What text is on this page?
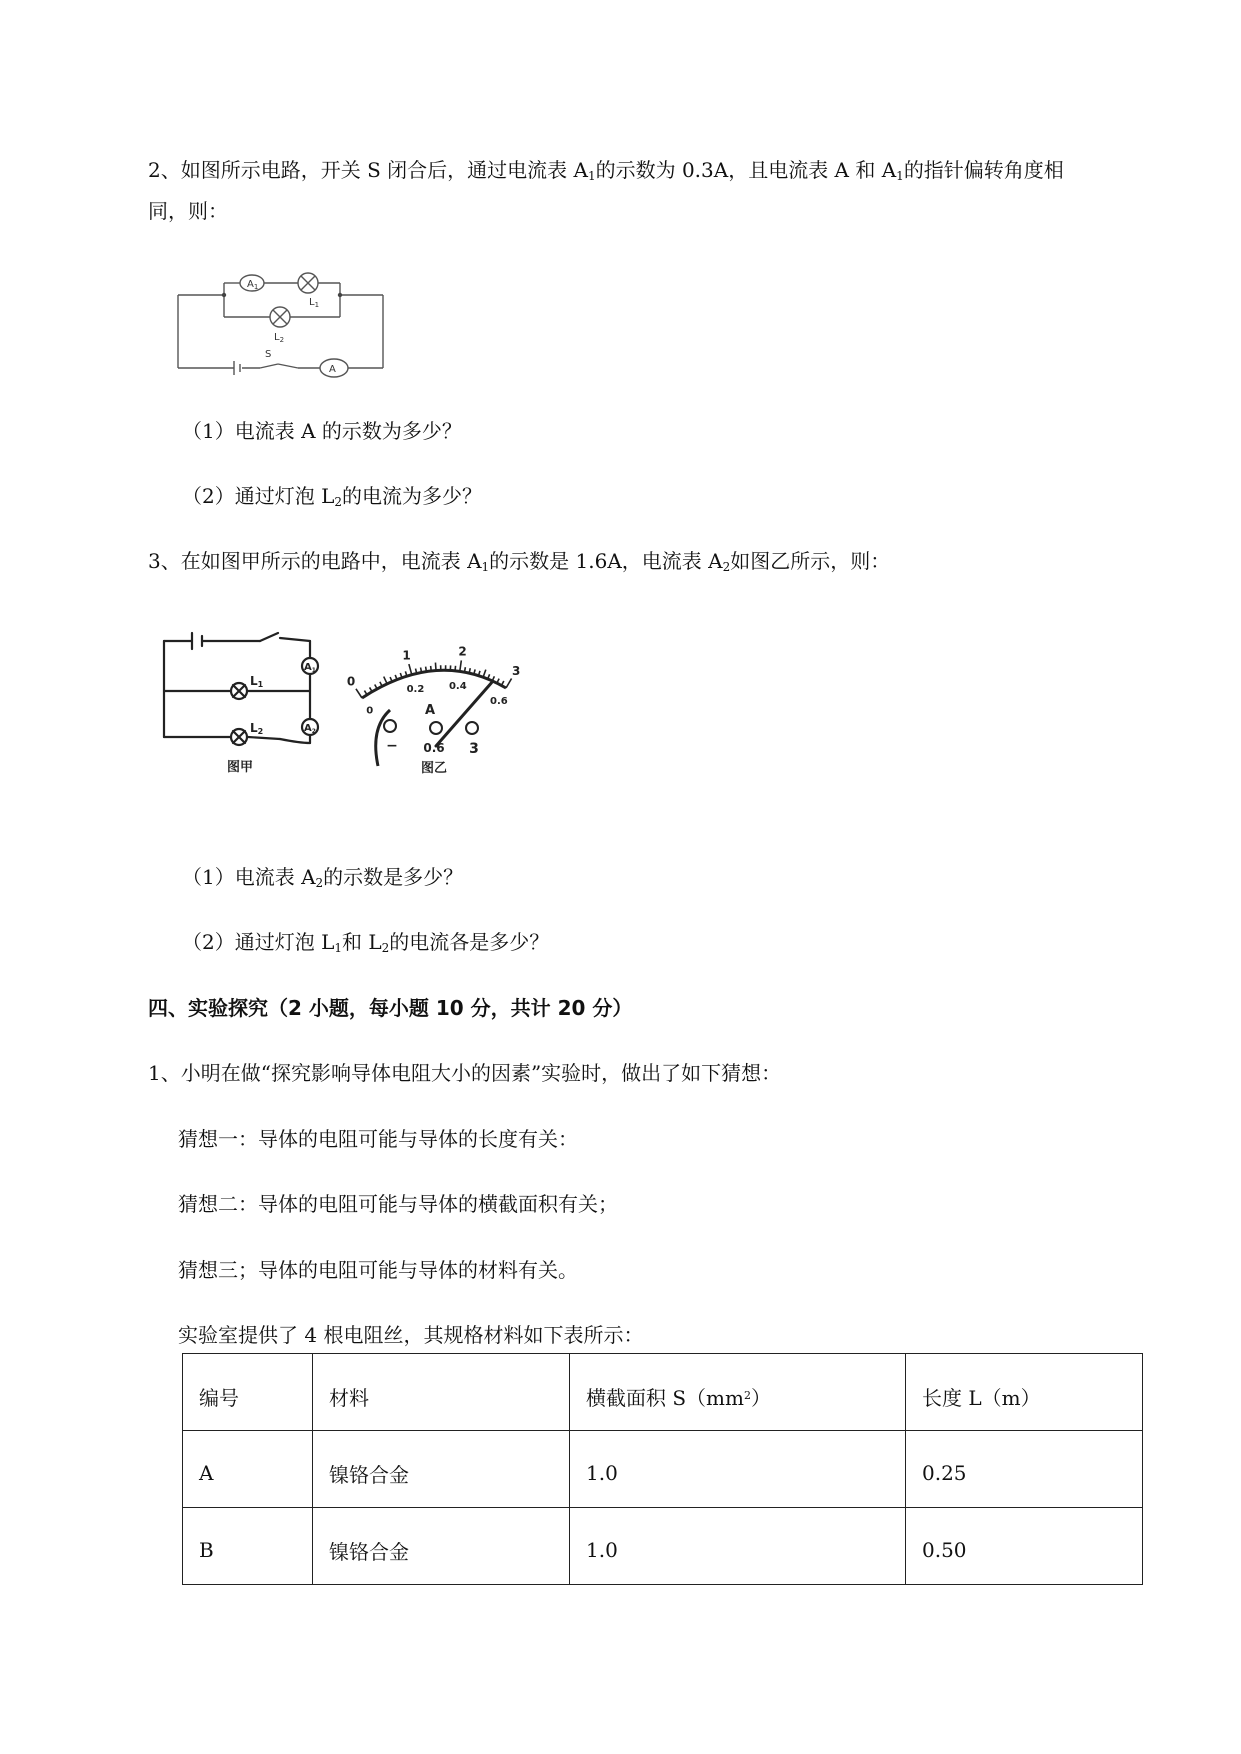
2、如图所示电路，开关 S 闭合后，通过电流表 $A_1$的示数为 0.3A，且电流表 A 和 $A_1$的指针偏转角度相
同，则：
$A_1$
$L_1$
$L_2$
S
A
（1）电流表 A 的示数为多少？
（2）通过灯泡 $L_2$的电流为多少？
3、在如图甲所示的电路中，电流表 $A_1$的示数是 1.6A，电流表 $A_2$如图乙所示，则：
$A_1$
$A_2$
L1
L2
图甲
0
1	2
3
0
0.2 0.4
0.6
− 0.6 3
A
图乙
（1）电流表 $A_2$的示数是多少？
（2）通过灯泡 $L_1$和 $L_2$的电流各是多少？
四、实验探究（2 小题，每小题 10 分，共计 20 分）
1、小明在做“探究影响导体电阻大小的因素”实验时，做出了如下猜想：
猜想一：导体的电阻可能与导体的长度有关：
猜想二：导体的电阻可能与导体的横截面积有关；
猜想三；导体的电阻可能与导体的材料有关。
实验室提供了 4 根电阻丝，其规格材料如下表所示：
编号	材料	横截面积 $S(mm^2)$	长度 L（m）
A	镍铬合金	1.0	0.25
B	镍铬合金	1.0	0.50
